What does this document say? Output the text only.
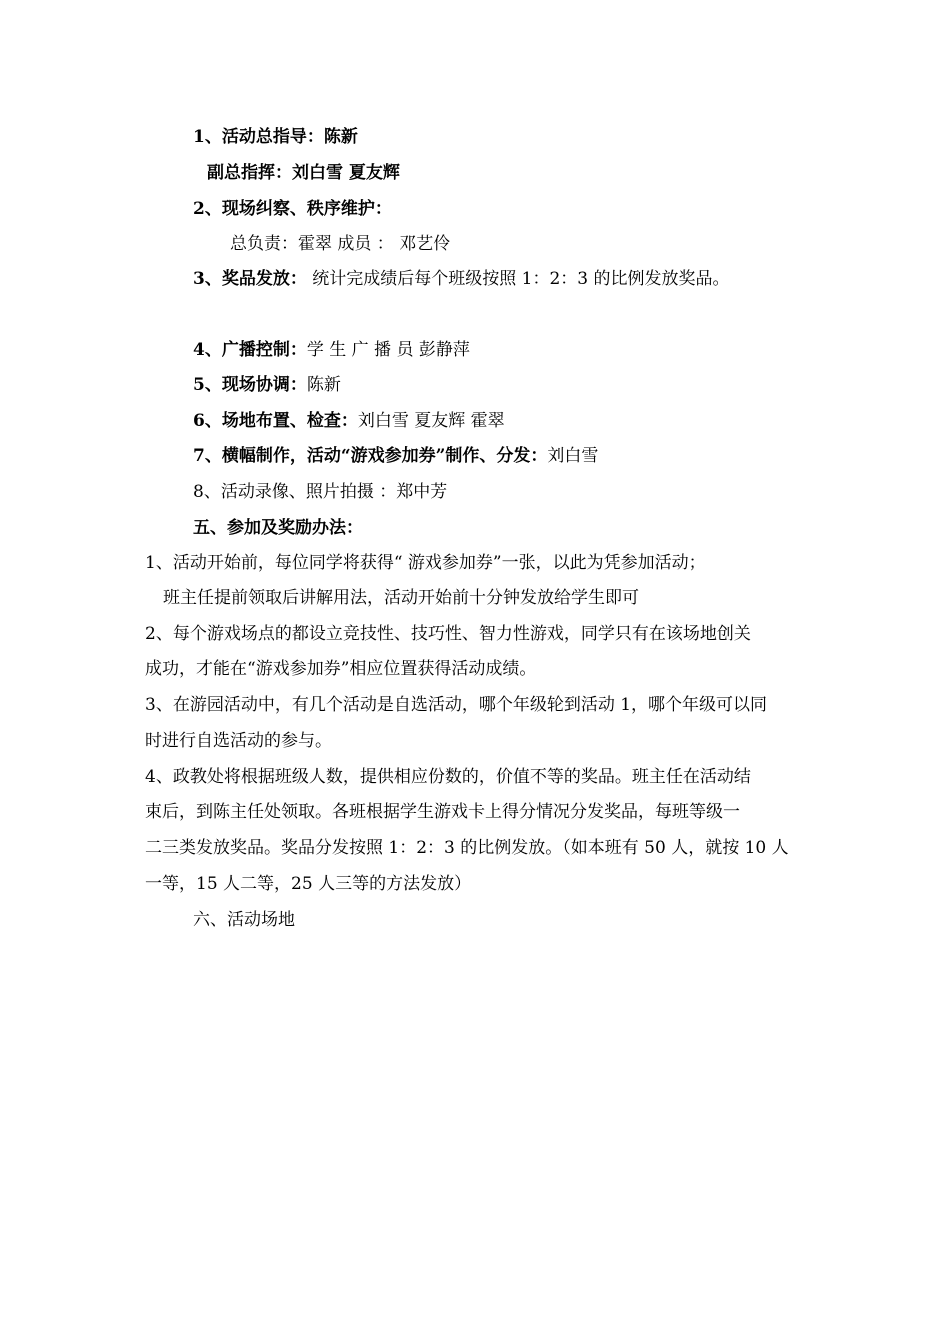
1、活动总指导：陈新
副总指挥：刘白雪 夏友辉
2、现场纠察、秩序维护：
总负责：霍翠 成员 ： 邓艺伶
3、奖品发放： 统计完成绩后每个班级按照 1：2：3 的比例发放奖品。
4、广播控制：学 生 广 播 员 彭静萍
5、现场协调：陈新
6、场地布置、检查：刘白雪 夏友辉 霍翠
7、横幅制作，活动“游戏参加券”制作、分发：刘白雪
8、活动录像、照片拍摄 ：郑中芳
五、参加及奖励办法：
1、活动开始前，每位同学将获得“ 游戏参加券”一张，以此为凭参加活动；
班主任提前领取后讲解用法，活动开始前十分钟发放给学生即可
2、每个游戏场点的都设立竞技性、技巧性、智力性游戏，同学只有在该场地创关
成功，才能在“游戏参加券”相应位置获得活动成绩。
3、在游园活动中，有几个活动是自选活动，哪个年级轮到活动 1，哪个年级可以同
时进行自选活动的参与。
4、政教处将根据班级人数，提供相应份数的，价值不等的奖品。班主任在活动结
束后，到陈主任处领取。各班根据学生游戏卡上得分情况分发奖品，每班等级一
二三类发放奖品。奖品分发按照 1：2：3 的比例发放。（如本班有 50 人，就按 10 人
一等，15 人二等，25 人三等的方法发放）
六、活动场地
